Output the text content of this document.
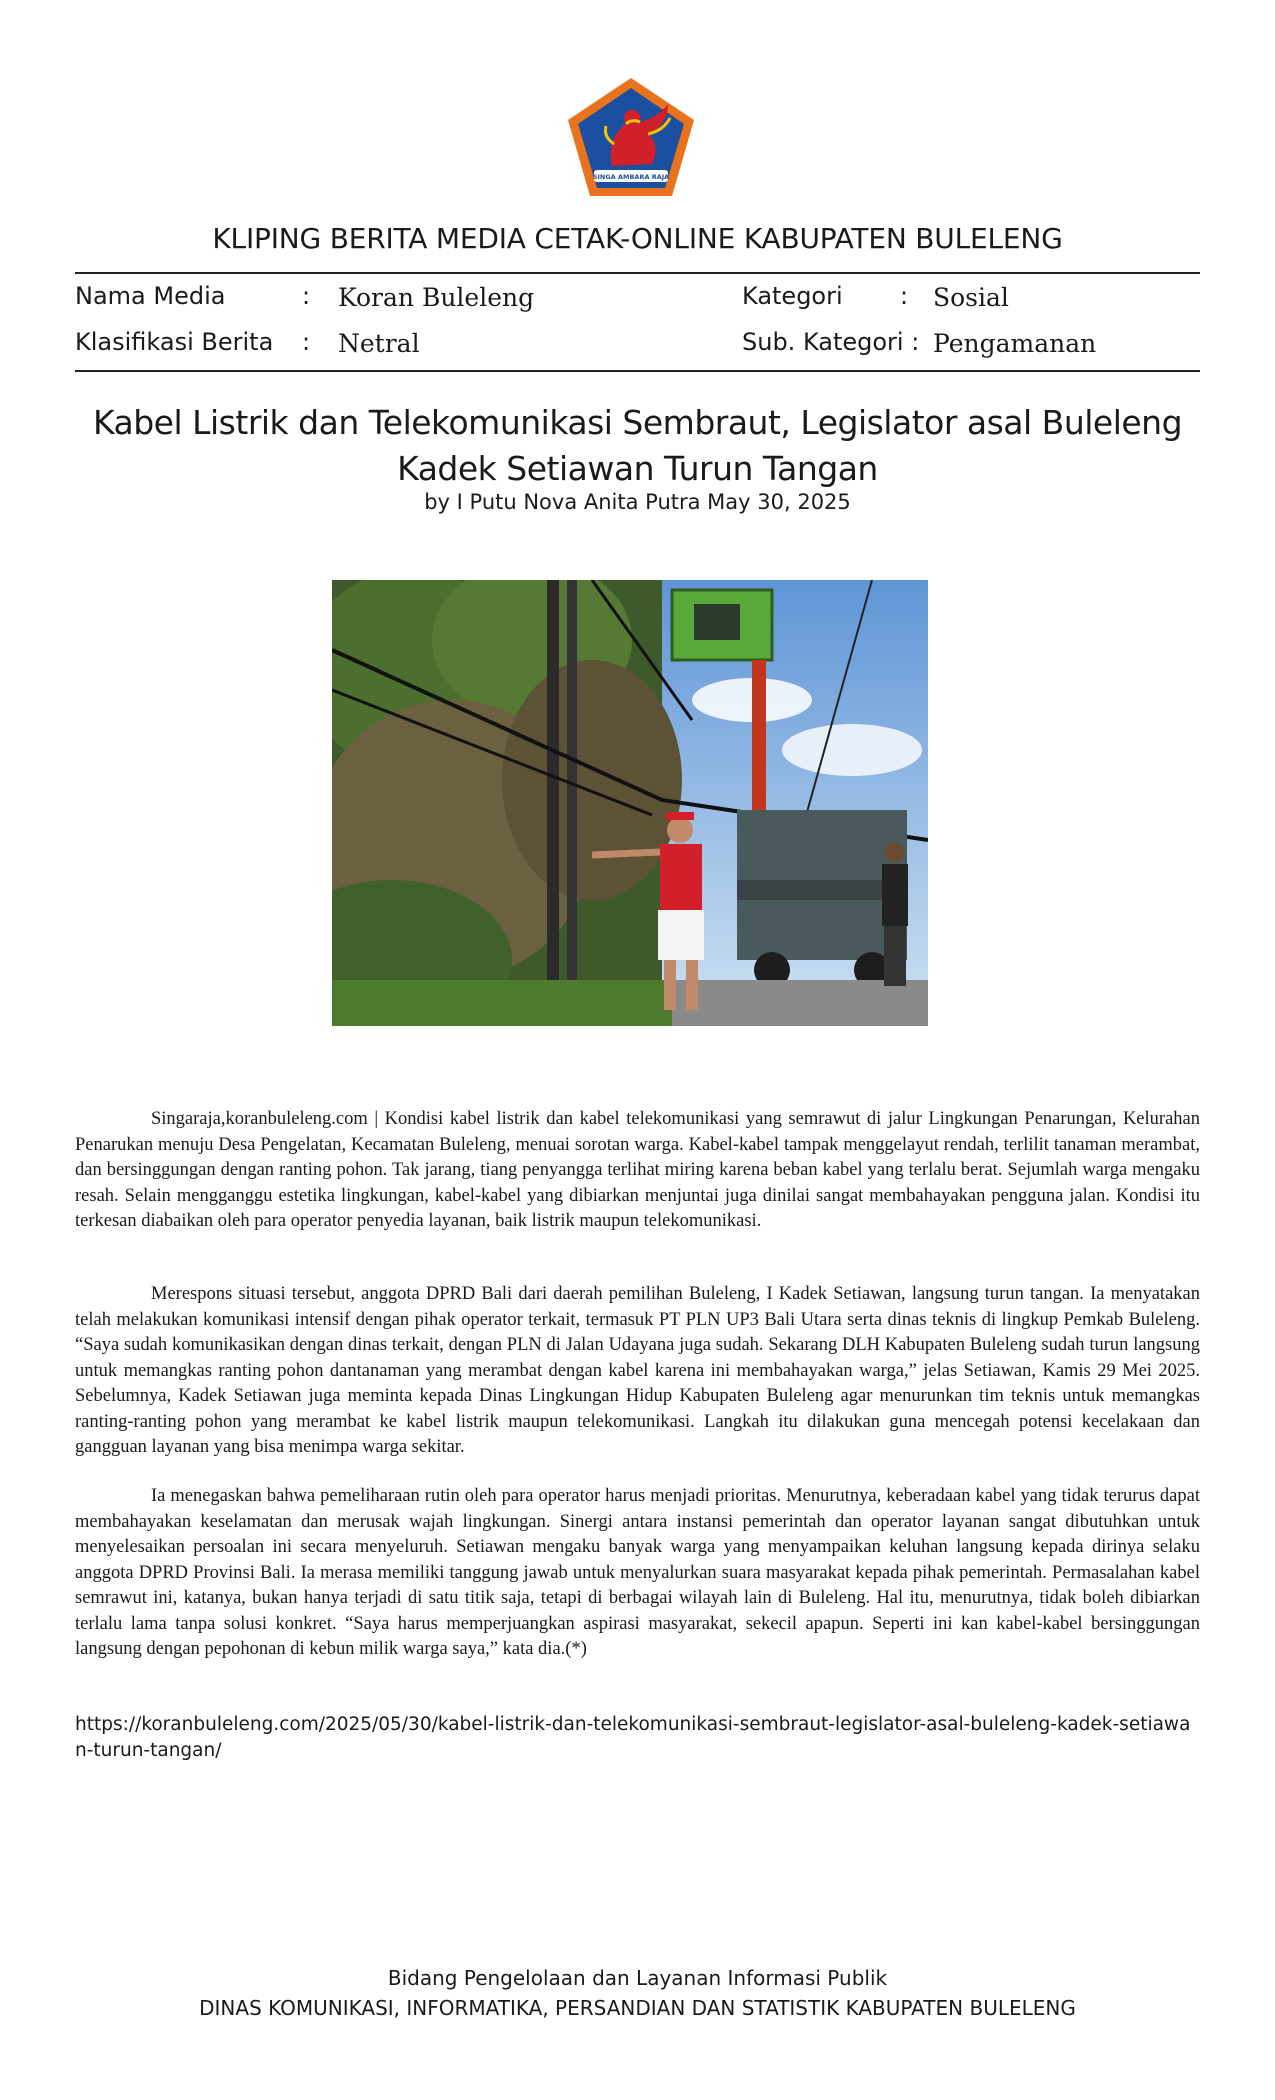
SINGA AMBARA RAJA
KLIPING BERITA MEDIA CETAK-ONLINE KABUPATEN BULELENG
Nama Media	: Koran Buleleng
Klasifikasi Berita : Netral
Kategori : Sosial
Sub. Kategori : Pengamanan
Kabel Listrik dan Telekomunikasi Sembraut, Legislator asal Buleleng Kadek Setiawan Turun Tangan
by I Putu Nova Anita Putra May 30, 2025
Singaraja,koranbuleleng.com | Kondisi kabel listrik dan kabel telekomunikasi yang semrawut di jalur Lingkungan Penarungan, Kelurahan Penarukan menuju Desa Pengelatan, Kecamatan Buleleng, menuai sorotan warga. Kabel-kabel tampak menggelayut rendah, terlilit tanaman merambat, dan bersinggungan dengan ranting pohon. Tak jarang, tiang penyangga terlihat miring karena beban kabel yang terlalu berat. Sejumlah warga mengaku resah. Selain mengganggu estetika lingkungan, kabel-kabel yang dibiarkan menjuntai juga dinilai sangat membahayakan pengguna jalan. Kondisi itu terkesan diabaikan oleh para operator penyedia layanan, baik listrik maupun telekomunikasi.
Merespons situasi tersebut, anggota DPRD Bali dari daerah pemilihan Buleleng, I Kadek Setiawan, langsung turun tangan. Ia menyatakan telah melakukan komunikasi intensif dengan pihak operator terkait, termasuk PT PLN UP3 Bali Utara serta dinas teknis di lingkup Pemkab Buleleng. “Saya sudah komunikasikan dengan dinas terkait, dengan PLN di Jalan Udayana juga sudah. Sekarang DLH Kabupaten Buleleng sudah turun langsung untuk memangkas ranting pohon dantanaman yang merambat dengan kabel karena ini membahayakan warga,” jelas Setiawan, Kamis 29 Mei 2025. Sebelumnya, Kadek Setiawan juga meminta kepada Dinas Lingkungan Hidup Kabupaten Buleleng agar menurunkan tim teknis untuk memangkas ranting-ranting pohon yang merambat ke kabel listrik maupun telekomunikasi. Langkah itu dilakukan guna mencegah potensi kecelakaan dan gangguan layanan yang bisa menimpa warga sekitar.
Ia menegaskan bahwa pemeliharaan rutin oleh para operator harus menjadi prioritas. Menurutnya, keberadaan kabel yang tidak terurus dapat membahayakan keselamatan dan merusak wajah lingkungan. Sinergi antara instansi pemerintah dan operator layanan sangat dibutuhkan untuk menyelesaikan persoalan ini secara menyeluruh. Setiawan mengaku banyak warga yang menyampaikan keluhan langsung kepada dirinya selaku anggota DPRD Provinsi Bali. Ia merasa memiliki tanggung jawab untuk menyalurkan suara masyarakat kepada pihak pemerintah. Permasalahan kabel semrawut ini, katanya, bukan hanya terjadi di satu titik saja, tetapi di berbagai wilayah lain di Buleleng. Hal itu, menurutnya, tidak boleh dibiarkan terlalu lama tanpa solusi konkret. “Saya harus memperjuangkan aspirasi masyarakat, sekecil apapun. Seperti ini kan kabel-kabel bersinggungan langsung dengan pepohonan di kebun milik warga saya,” kata dia.(*)
https://koranbuleleng.com/2025/05/30/kabel-listrik-dan-telekomunikasi-sembraut-legislator-asal-buleleng-kadek-setiawan-turun-tangan/
Bidang Pengelolaan dan Layanan Informasi Publik
DINAS KOMUNIKASI, INFORMATIKA, PERSANDIAN DAN STATISTIK KABUPATEN BULELENG
